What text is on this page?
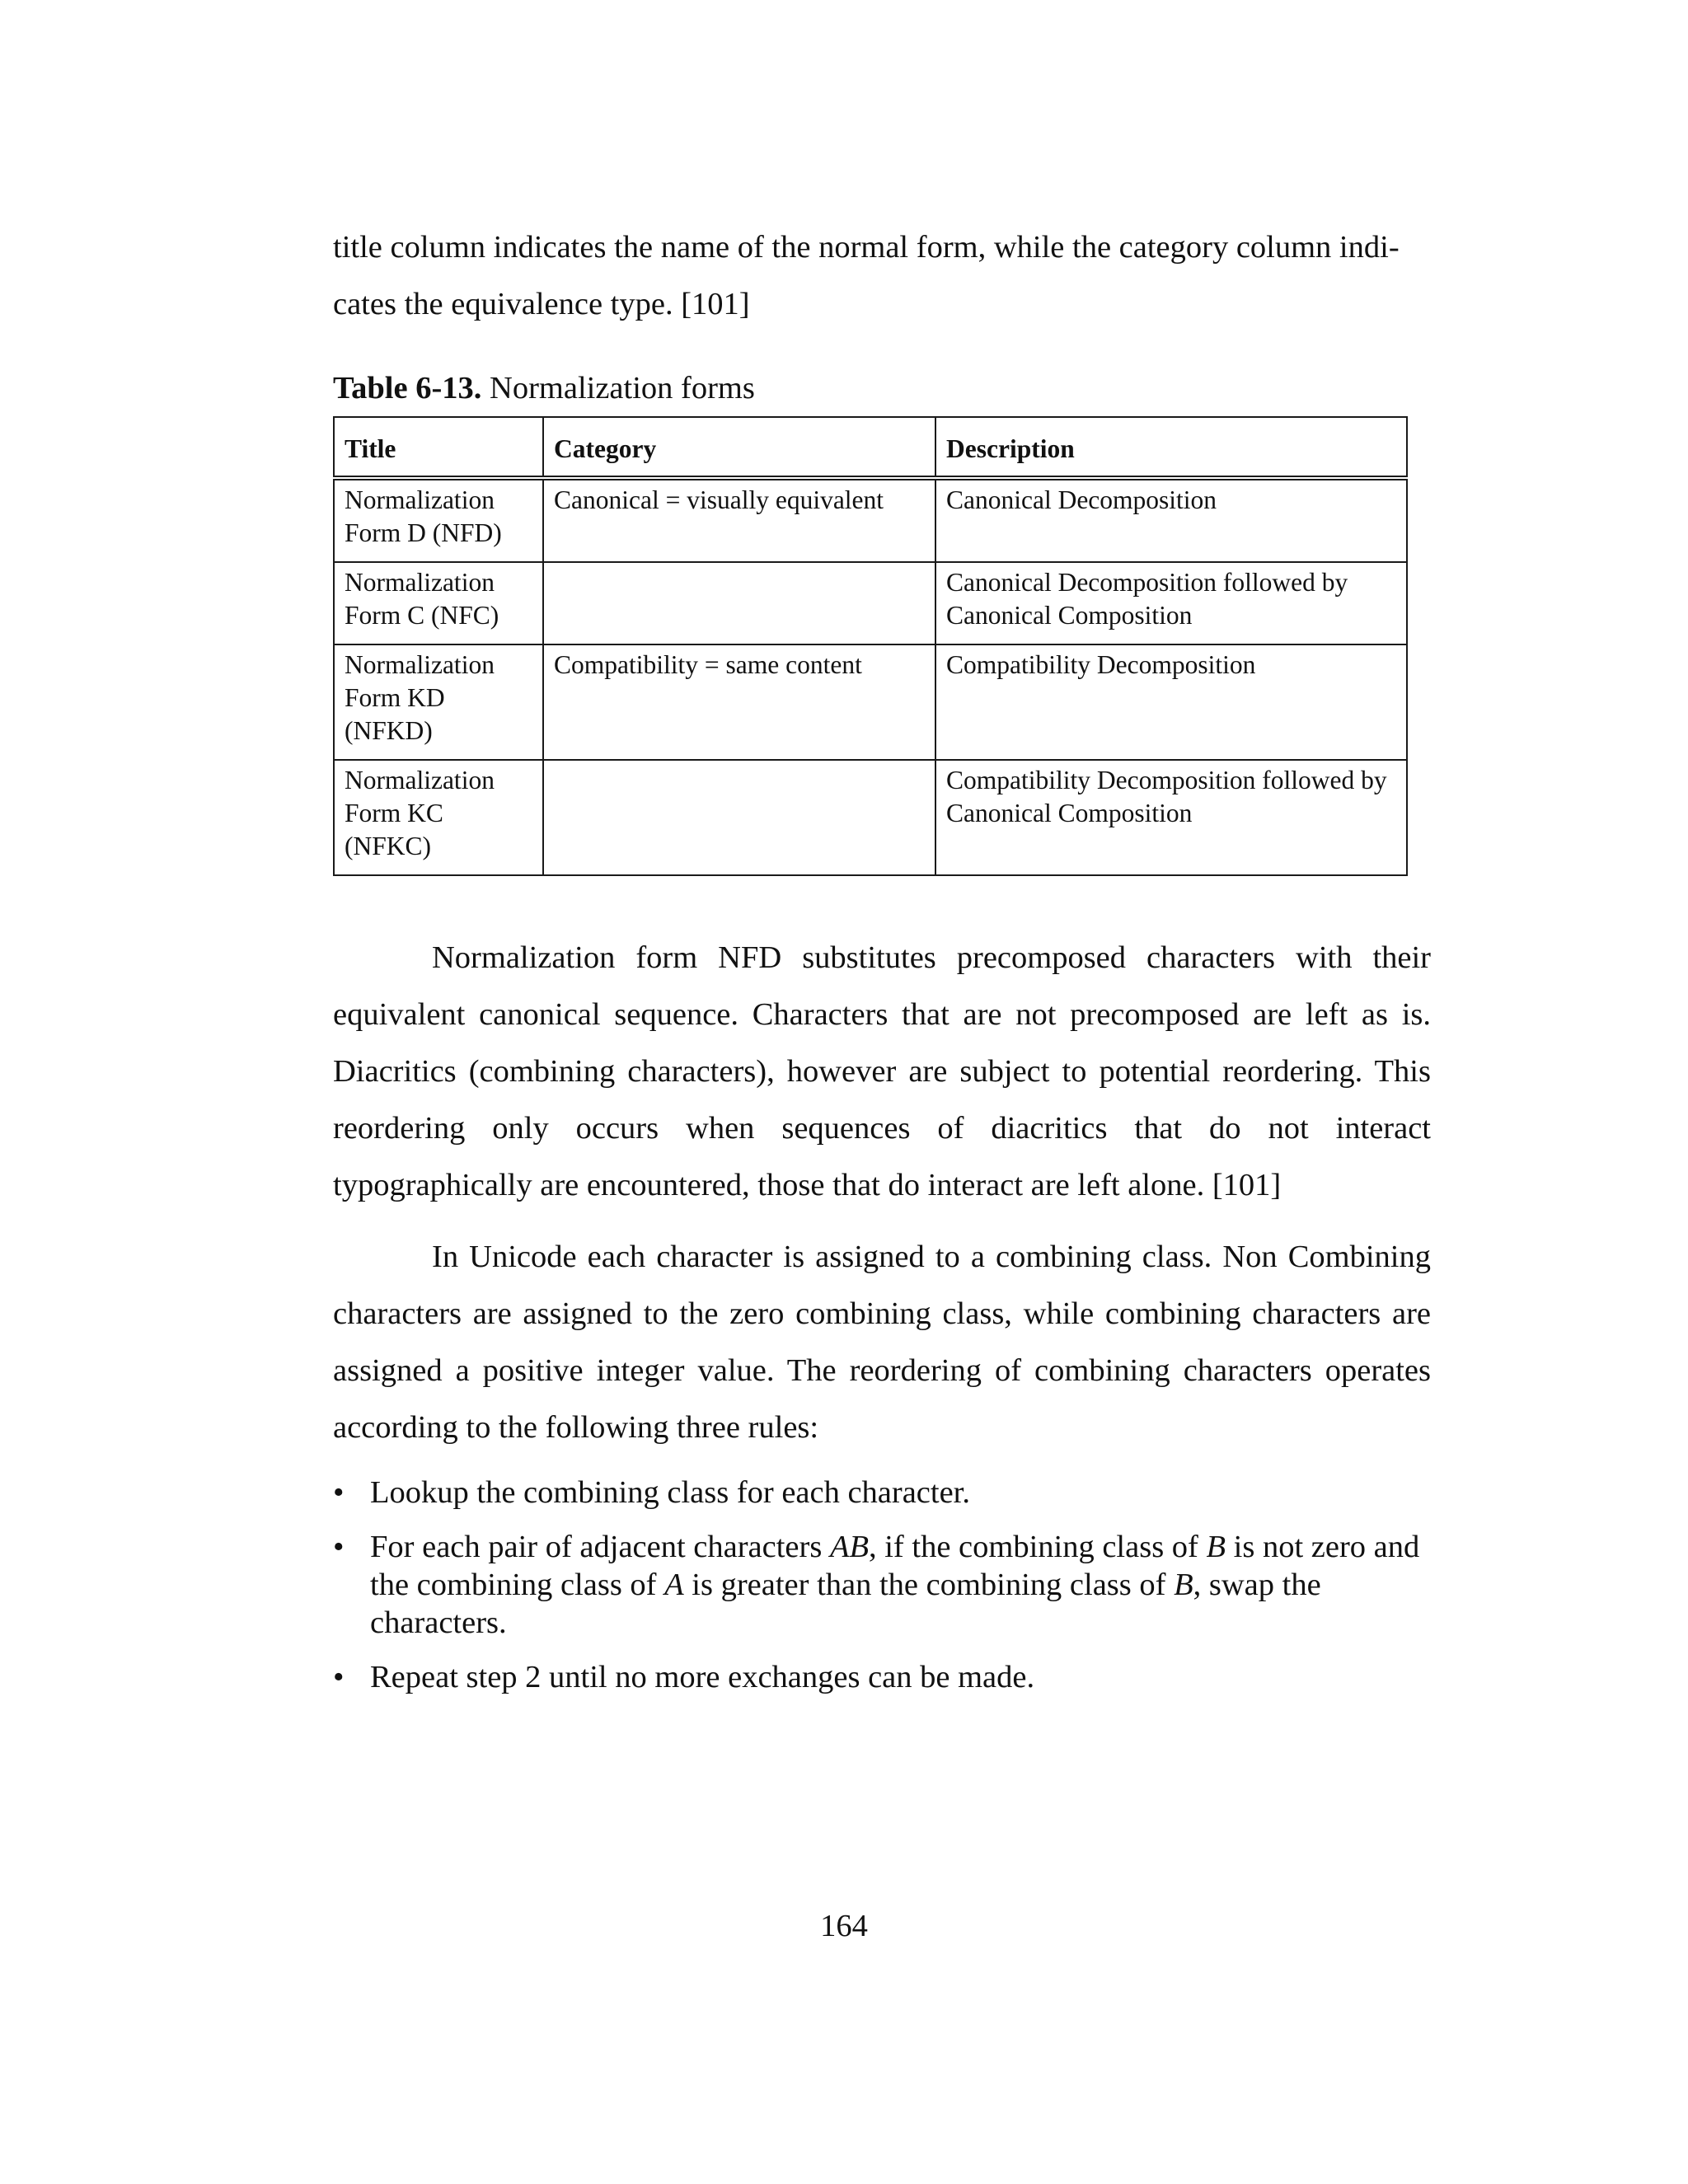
title column indicates the name of the normal form, while the category column indi-
cates the equivalence type. [101]

Table 6-13. Normalization forms
Title	Category	Description

Normalization
Form D (NFD)	Canonical = visually equivalent	Canonical Decomposition

Normalization
Form C (NFC)		Canonical Decomposition followed by
Canonical Composition

Normalization
Form KD
(NFKD)	Compatibility = same content	Compatibility Decomposition

Normalization
Form KC
(NFKC)		Compatibility Decomposition followed by
Canonical Composition

Normalization form NFD substitutes precomposed characters with their equivalent canonical sequence. Characters that are not precomposed are left as is. Diacritics (combining characters), however are subject to potential reordering. This reordering only occurs when sequences of diacritics that do not interact typographically are encountered, those that do interact are left alone. [101]

In Unicode each character is assigned to a combining class. Non Combining characters are assigned to the zero combining class, while combining characters are assigned a positive integer value. The reordering of combining characters operates according to the following three rules:

• Lookup the combining class for each character.
• For each pair of adjacent characters AB, if the combining class of B is not zero and the combining class of A is greater than the combining class of B, swap the characters.
• Repeat step 2 until no more exchanges can be made.
164
